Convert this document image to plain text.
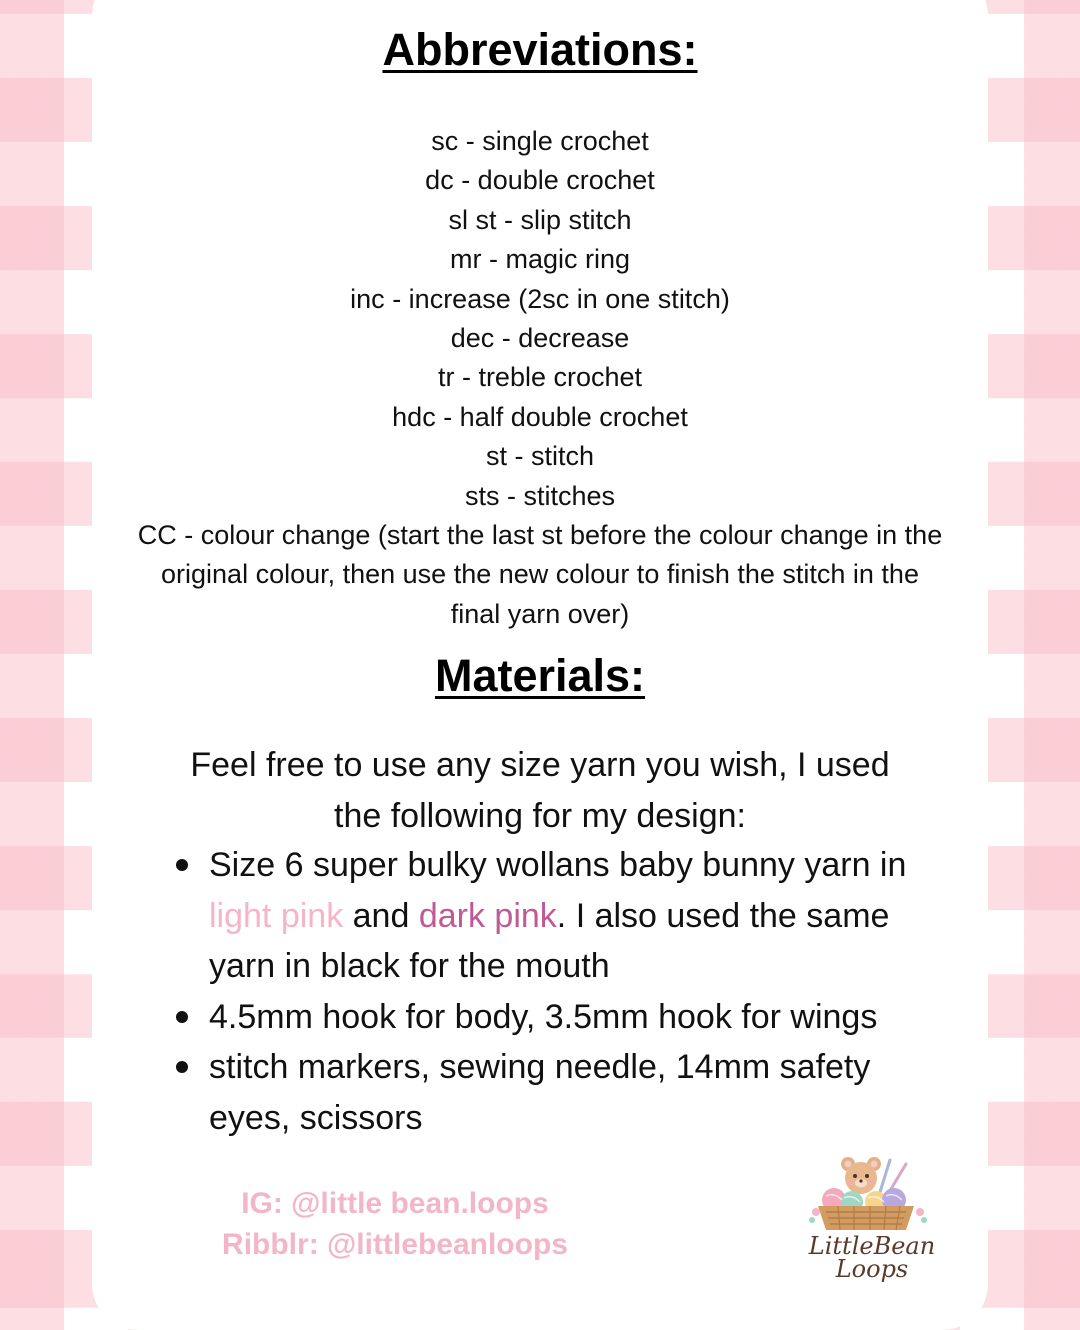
Abbreviations:
sc - single crochet
dc - double crochet
sl st - slip stitch
mr - magic ring
inc - increase (2sc in one stitch)
dec - decrease
tr - treble crochet
hdc - half double crochet
st - stitch
sts - stitches
CC - colour change (start the last st before the colour change in the
original colour, then use the new colour to finish the stitch in the
final yarn over)
Materials:

Feel free to use any size yarn you wish, I used
the following for my design:

Size 6 super bulky wollans baby bunny yarn in light pink and dark pink. I also used the same yarn in black for the mouth
4.5mm hook for body, 3.5mm hook for wings
stitch markers, sewing needle, 14mm safety eyes, scissors
IG: @little bean.loops
Ribblr: @littlebeanloops	LittleBean
Loops
